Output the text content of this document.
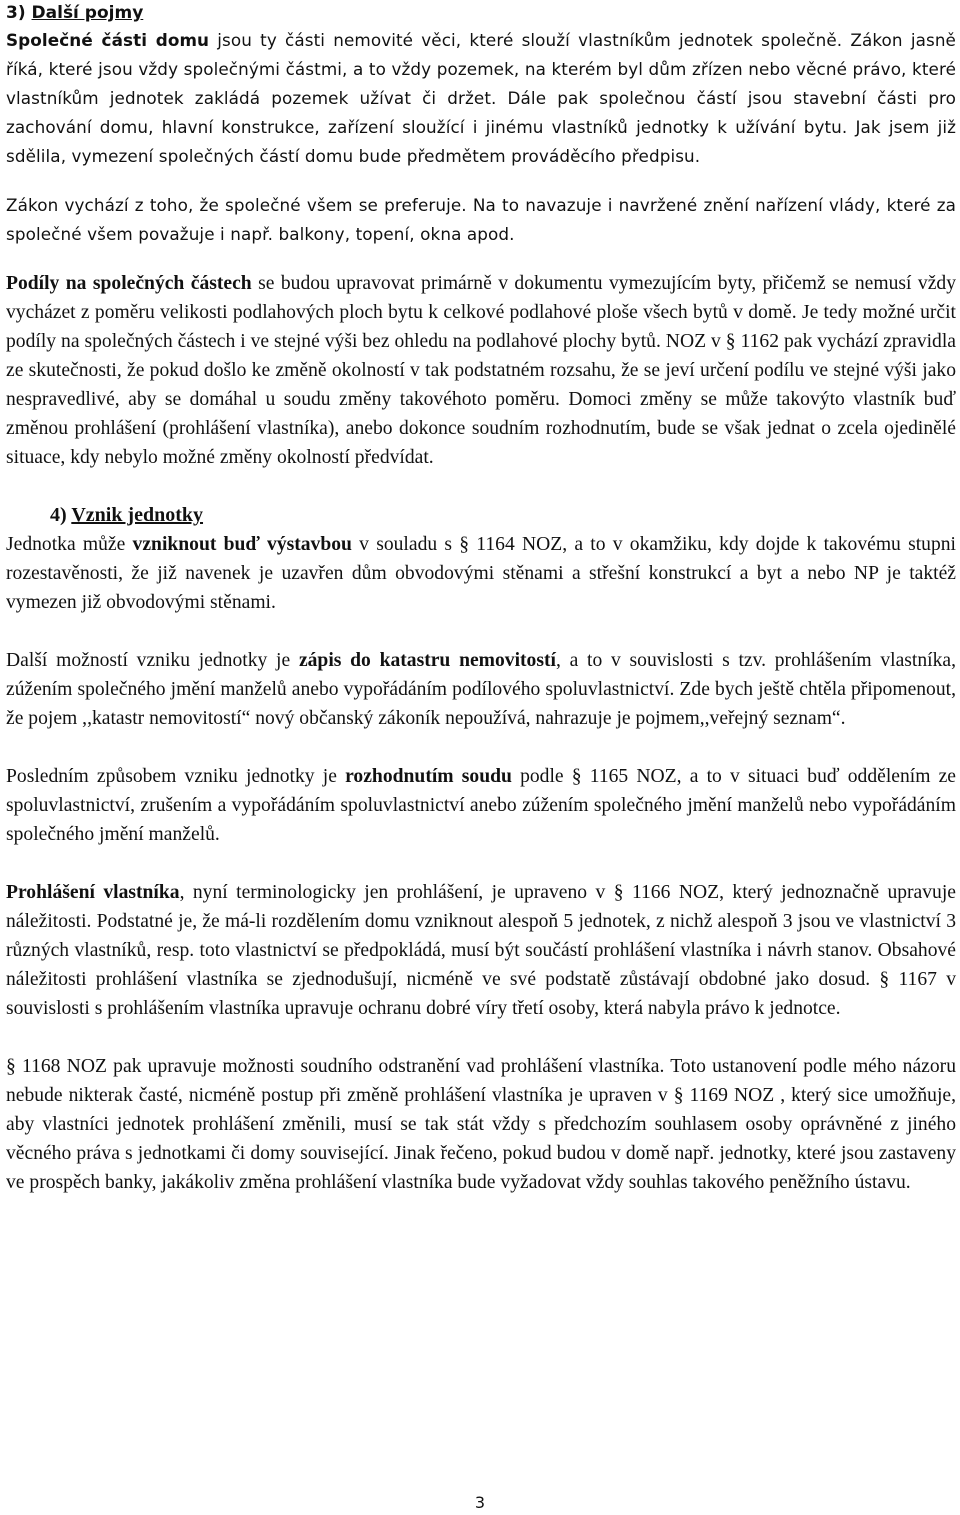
3) Další pojmy

Společné části domu jsou ty části nemovité věci, které slouží vlastníkům jednotek společně. Zákon jasně říká, které jsou vždy společnými částmi, a to vždy pozemek, na kterém byl dům zřízen nebo věcné právo, které vlastníkům jednotek zakládá pozemek užívat či držet. Dále pak společnou částí jsou stavební části pro zachování domu, hlavní konstrukce, zařízení sloužící i jinému vlastníků jednotky k užívání bytu. Jak jsem již sdělila, vymezení společných částí domu bude předmětem prováděcího předpisu.

Zákon vychází z toho, že společné všem se preferuje. Na to navazuje i navržené znění nařízení vlády, které za společné všem považuje i např. balkony, topení, okna apod.

Podíly na společných částech se budou upravovat primárně v dokumentu vymezujícím byty, přičemž se nemusí vždy vycházet z poměru velikosti podlahových ploch bytu k celkové podlahové ploše všech bytů v domě. Je tedy možné určit podíly na společných částech i ve stejné výši bez ohledu na podlahové plochy bytů. NOZ v § 1162 pak vychází zpravidla ze skutečnosti, že pokud došlo ke změně okolností v tak podstatném rozsahu, že se jeví určení podílu ve stejné výši jako nespravedlivé, aby se domáhal u soudu změny takovéhoto poměru. Domoci změny se může takovýto vlastník buď změnou prohlášení (prohlášení vlastníka), anebo dokonce soudním rozhodnutím, bude se však jednat o zcela ojedinělé situace, kdy nebylo možné změny okolností předvídat.

4) Vznik jednotky

Jednotka může vzniknout buď výstavbou v souladu s § 1164 NOZ, a to v okamžiku, kdy dojde k takovému stupni rozestavěnosti, že již navenek je uzavřen dům obvodovými stěnami a střešní konstrukcí a byt a nebo NP je taktéž vymezen již obvodovými stěnami.

Další možností vzniku jednotky je zápis do katastru nemovitostí, a to v souvislosti s tzv. prohlášením vlastníka, zúžením společného jmění manželů anebo vypořádáním podílového spoluvlastnictví. Zde bych ještě chtěla připomenout, že pojem ,,katastr nemovitostí“ nový občanský zákoník nepoužívá, nahrazuje je pojmem,,veřejný seznam“.

Posledním způsobem vzniku jednotky je rozhodnutím soudu podle § 1165 NOZ, a to v situaci buď oddělením ze spoluvlastnictví, zrušením a vypořádáním spoluvlastnictví anebo zúžením společného jmění manželů nebo vypořádáním společného jmění manželů.

Prohlášení vlastníka, nyní terminologicky jen prohlášení, je upraveno v § 1166 NOZ, který jednoznačně upravuje náležitosti. Podstatné je, že má-li rozdělením domu vzniknout alespoň 5 jednotek, z nichž alespoň 3 jsou ve vlastnictví 3 různých vlastníků, resp. toto vlastnictví se předpokládá, musí být součástí prohlášení vlastníka i návrh stanov. Obsahové náležitosti prohlášení vlastníka se zjednodušují, nicméně ve své podstatě zůstávají obdobné jako dosud. § 1167 v souvislosti s prohlášením vlastníka upravuje ochranu dobré víry třetí osoby, která nabyla právo k jednotce.

§ 1168 NOZ pak upravuje možnosti soudního odstranění vad prohlášení vlastníka. Toto ustanovení podle mého názoru nebude nikterak časté, nicméně postup při změně prohlášení vlastníka je upraven v § 1169 NOZ , který sice umožňuje, aby vlastníci jednotek prohlášení změnili, musí se tak stát vždy s předchozím souhlasem osoby oprávněné z jiného věcného práva s jednotkami či domy související. Jinak řečeno, pokud budou v domě např. jednotky, které jsou zastaveny ve prospěch banky, jakákoliv změna prohlášení vlastníka bude vyžadovat vždy souhlas takového peněžního ústavu.

3
